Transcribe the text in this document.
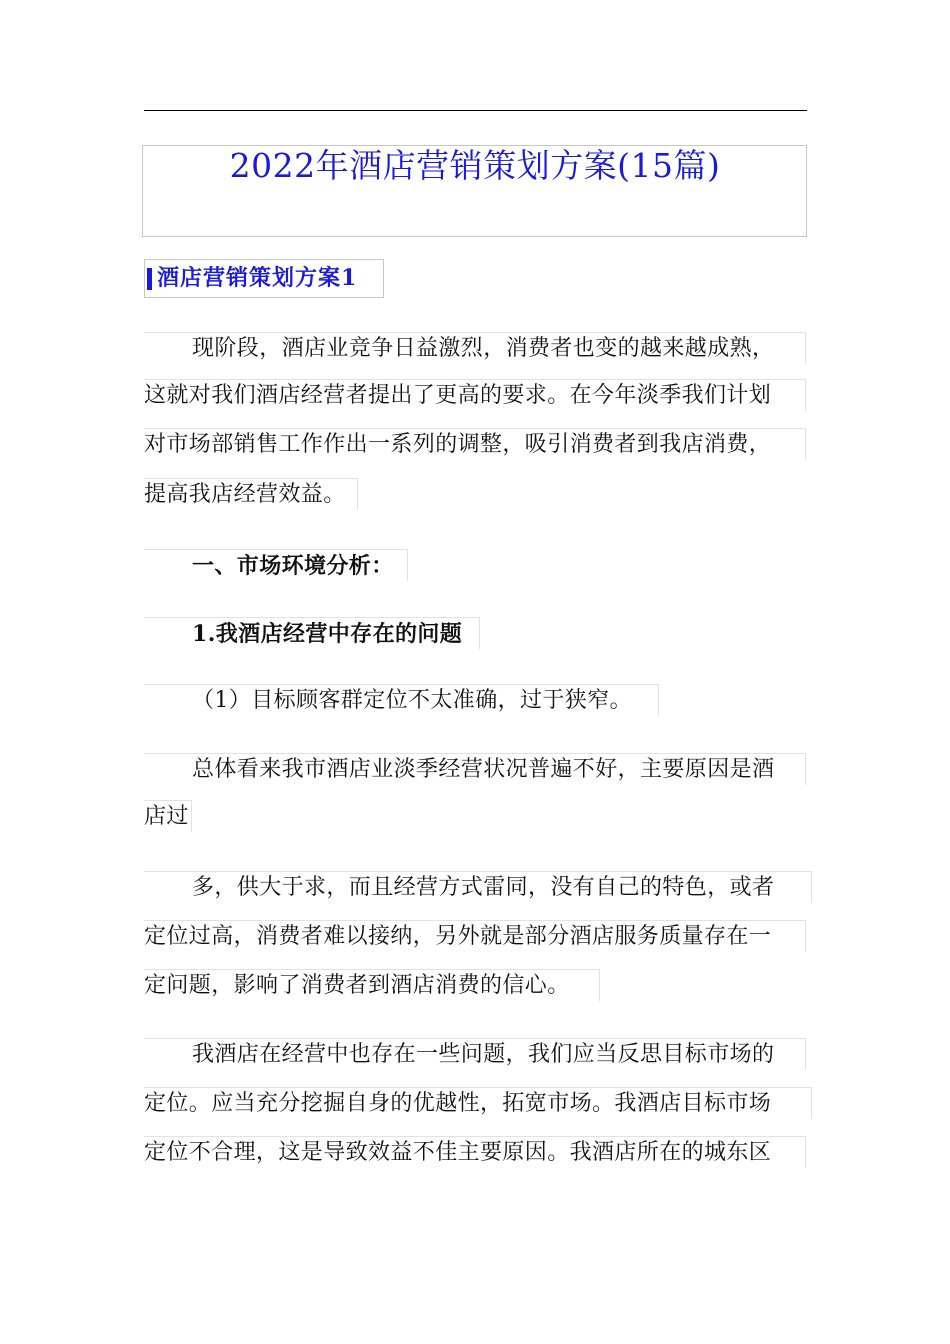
2022年酒店营销策划方案(15篇)
酒店营销策划方案1
现阶段，酒店业竞争日益激烈，消费者也变的越来越成熟，
这就对我们酒店经营者提出了更高的要求。在今年淡季我们计划
对市场部销售工作作出一系列的调整，吸引消费者到我店消费，
提高我店经营效益。
一、市场环境分析：
1.我酒店经营中存在的问题
（1）目标顾客群定位不太准确，过于狭窄。
总体看来我市酒店业淡季经营状况普遍不好，主要原因是酒
店过
多，供大于求，而且经营方式雷同，没有自己的特色，或者
定位过高，消费者难以接纳，另外就是部分酒店服务质量存在一
定问题，影响了消费者到酒店消费的信心。
我酒店在经营中也存在一些问题，我们应当反思目标市场的
定位。应当充分挖掘自身的优越性，拓宽市场。我酒店目标市场
定位不合理，这是导致效益不佳主要原因。我酒店所在的城东区
